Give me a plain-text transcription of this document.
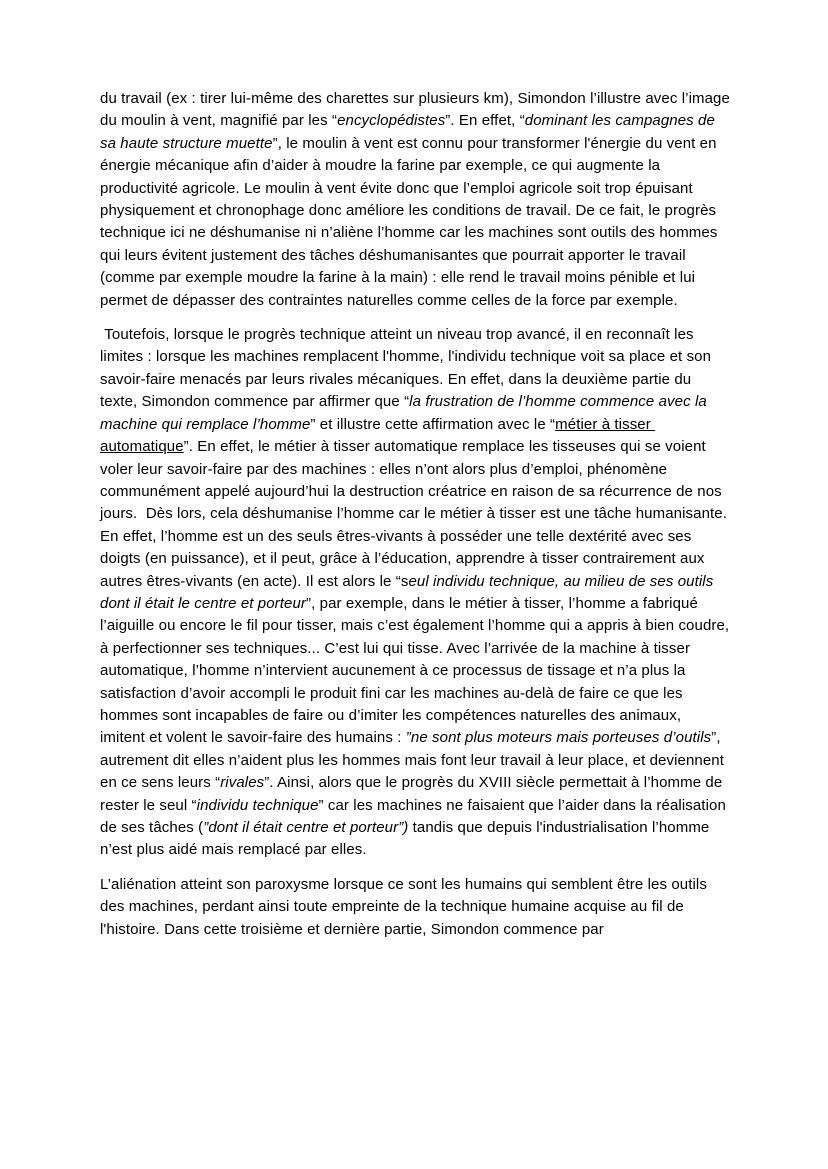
du travail (ex : tirer lui-même des charettes sur plusieurs km), Simondon l’illustre avec l’image du moulin à vent, magnifié par les “encyclopédistes”. En effet, “dominant les campagnes de sa haute structure muette”, le moulin à vent est connu pour transformer l'énergie du vent en énergie mécanique afin d’aider à moudre la farine par exemple, ce qui augmente la productivité agricole. Le moulin à vent évite donc que l’emploi agricole soit trop épuisant physiquement et chronophage donc améliore les conditions de travail. De ce fait, le progrès technique ici ne déshumanise ni n’aliène l’homme car les machines sont outils des hommes qui leurs évitent justement des tâches déshumanisantes que pourrait apporter le travail (comme par exemple moudre la farine à la main) : elle rend le travail moins pénible et lui permet de dépasser des contraintes naturelles comme celles de la force par exemple.

Toutefois, lorsque le progrès technique atteint un niveau trop avancé, il en reconnaît les limites : lorsque les machines remplacent l'homme, l'individu technique voit sa place et son savoir-faire menacés par leurs rivales mécaniques. En effet, dans la deuxième partie du texte, Simondon commence par affirmer que “la frustration de l’homme commence avec la machine qui remplace l’homme” et illustre cette affirmation avec le “métier à tisser automatique”. En effet, le métier à tisser automatique remplace les tisseuses qui se voient voler leur savoir-faire par des machines : elles n’ont alors plus d’emploi, phénomène communément appelé aujourd’hui la destruction créatrice en raison de sa récurrence de nos jours.  Dès lors, cela déshumanise l’homme car le métier à tisser est une tâche humanisante. En effet, l’homme est un des seuls êtres-vivants à posséder une telle dextérité avec ses doigts (en puissance), et il peut, grâce à l’éducation, apprendre à tisser contrairement aux autres êtres-vivants (en acte). Il est alors le “seul individu technique, au milieu de ses outils dont il était le centre et porteur”, par exemple, dans le métier à tisser, l’homme a fabriqué l’aiguille ou encore le fil pour tisser, mais c’est également l’homme qui a appris à bien coudre, à perfectionner ses techniques... C’est lui qui tisse. Avec l’arrivée de la machine à tisser automatique, l’homme n’intervient aucunement à ce processus de tissage et n’a plus la satisfaction d’avoir accompli le produit fini car les machines au-delà de faire ce que les hommes sont incapables de faire ou d’imiter les compétences naturelles des animaux, imitent et volent le savoir-faire des humains : ”ne sont plus moteurs mais porteuses d’outils”, autrement dit elles n’aident plus les hommes mais font leur travail à leur place, et deviennent en ce sens leurs “rivales”. Ainsi, alors que le progrès du XVIII siècle permettait à l’homme de rester le seul “individu technique” car les machines ne faisaient que l’aider dans la réalisation de ses tâches (”dont il était centre et porteur”) tandis que depuis l'industrialisation l’homme n’est plus aidé mais remplacé par elles.

L’aliénation atteint son paroxysme lorsque ce sont les humains qui semblent être les outils des machines, perdant ainsi toute empreinte de la technique humaine acquise au fil de l'histoire. Dans cette troisième et dernière partie, Simondon commence par
